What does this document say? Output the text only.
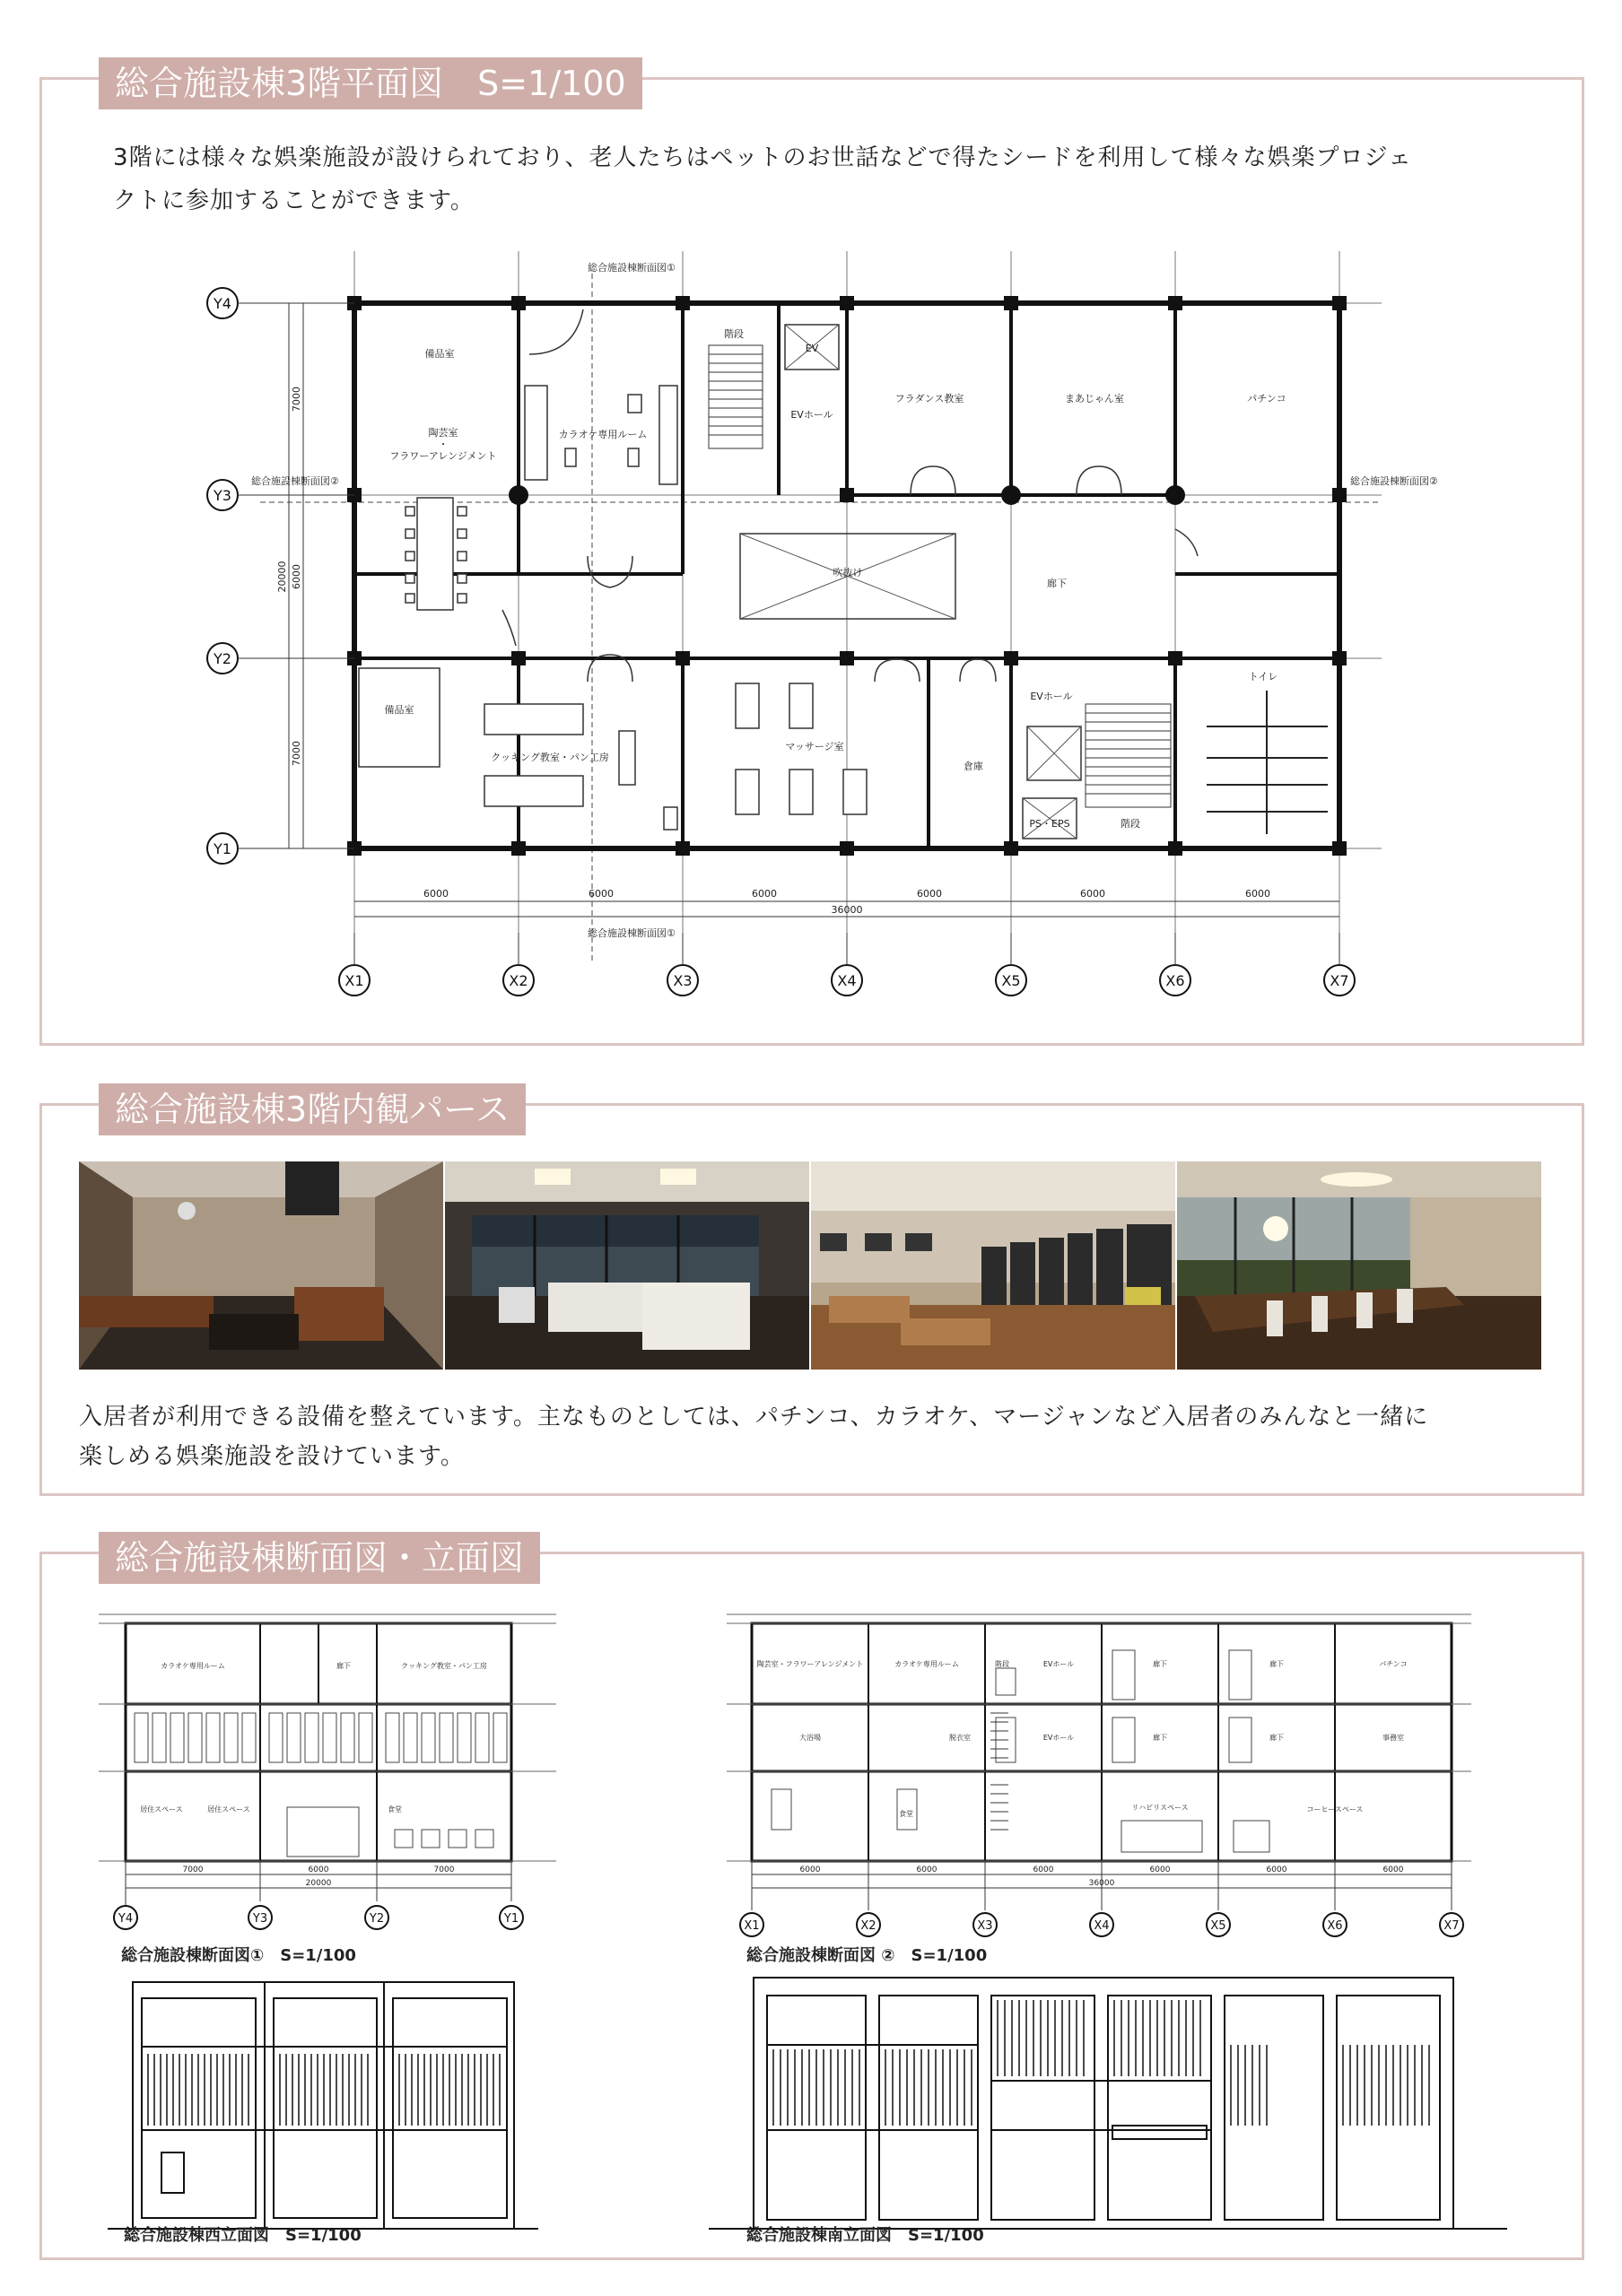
総合施設棟3階平面図　S=1/100
3階には様々な娯楽施設が設けられており、老人たちはペットのお世話などで得たシードを利用して様々な娯楽プロジェ
クトに参加することができます。
X1	X2	X3	X4	X5	X6	X7
Y4
Y3
Y2
Y1
6000	6000	6000	6000	6000	6000
36000
7000
6000
7000
20000
総合施設棟断面図①
総合施設棟断面図①
総合施設棟断面図②	総合施設棟断面図②
備品室
陶芸室
・
フラワーアレンジメント
カラオケ専用ルーム
階段
EV
EVホール
フラダンス教室	まあじゃん室	パチンコ
吹抜け
廊下
備品室
クッキング教室・パン工房
マッサージ室
倉庫
EVホール
PS・EPS	階段
トイレ
総合施設棟3階内観パース
入居者が利用できる設備を整えています。主なものとしては、パチンコ、カラオケ、マージャンなど入居者のみんなと一緒に
楽しめる娯楽施設を設けています。
総合施設棟断面図・立面図
Y4	Y3	Y2	Y1
7000	6000	7000
20000
カラオケ専用ルーム	廊下	クッキング教室・パン工房
居住スペース	居住スペース	食堂
X1	X2	X3	X4	X5	X6	X7
6000	6000	6000	6000	6000	6000
36000
陶芸室・フラワーアレンジメント	カラオケ専用ルーム	階段	EVホール	廊下	廊下	パチンコ
大浴場	脱衣室	EVホール	廊下	廊下	事務室
食堂
リハビリスペース	コーヒースペース
総合施設棟断面図①　S=1/100	総合施設棟断面図 ②　S=1/100
総合施設棟西立面図　S=1/100	総合施設棟南立面図　S=1/100
